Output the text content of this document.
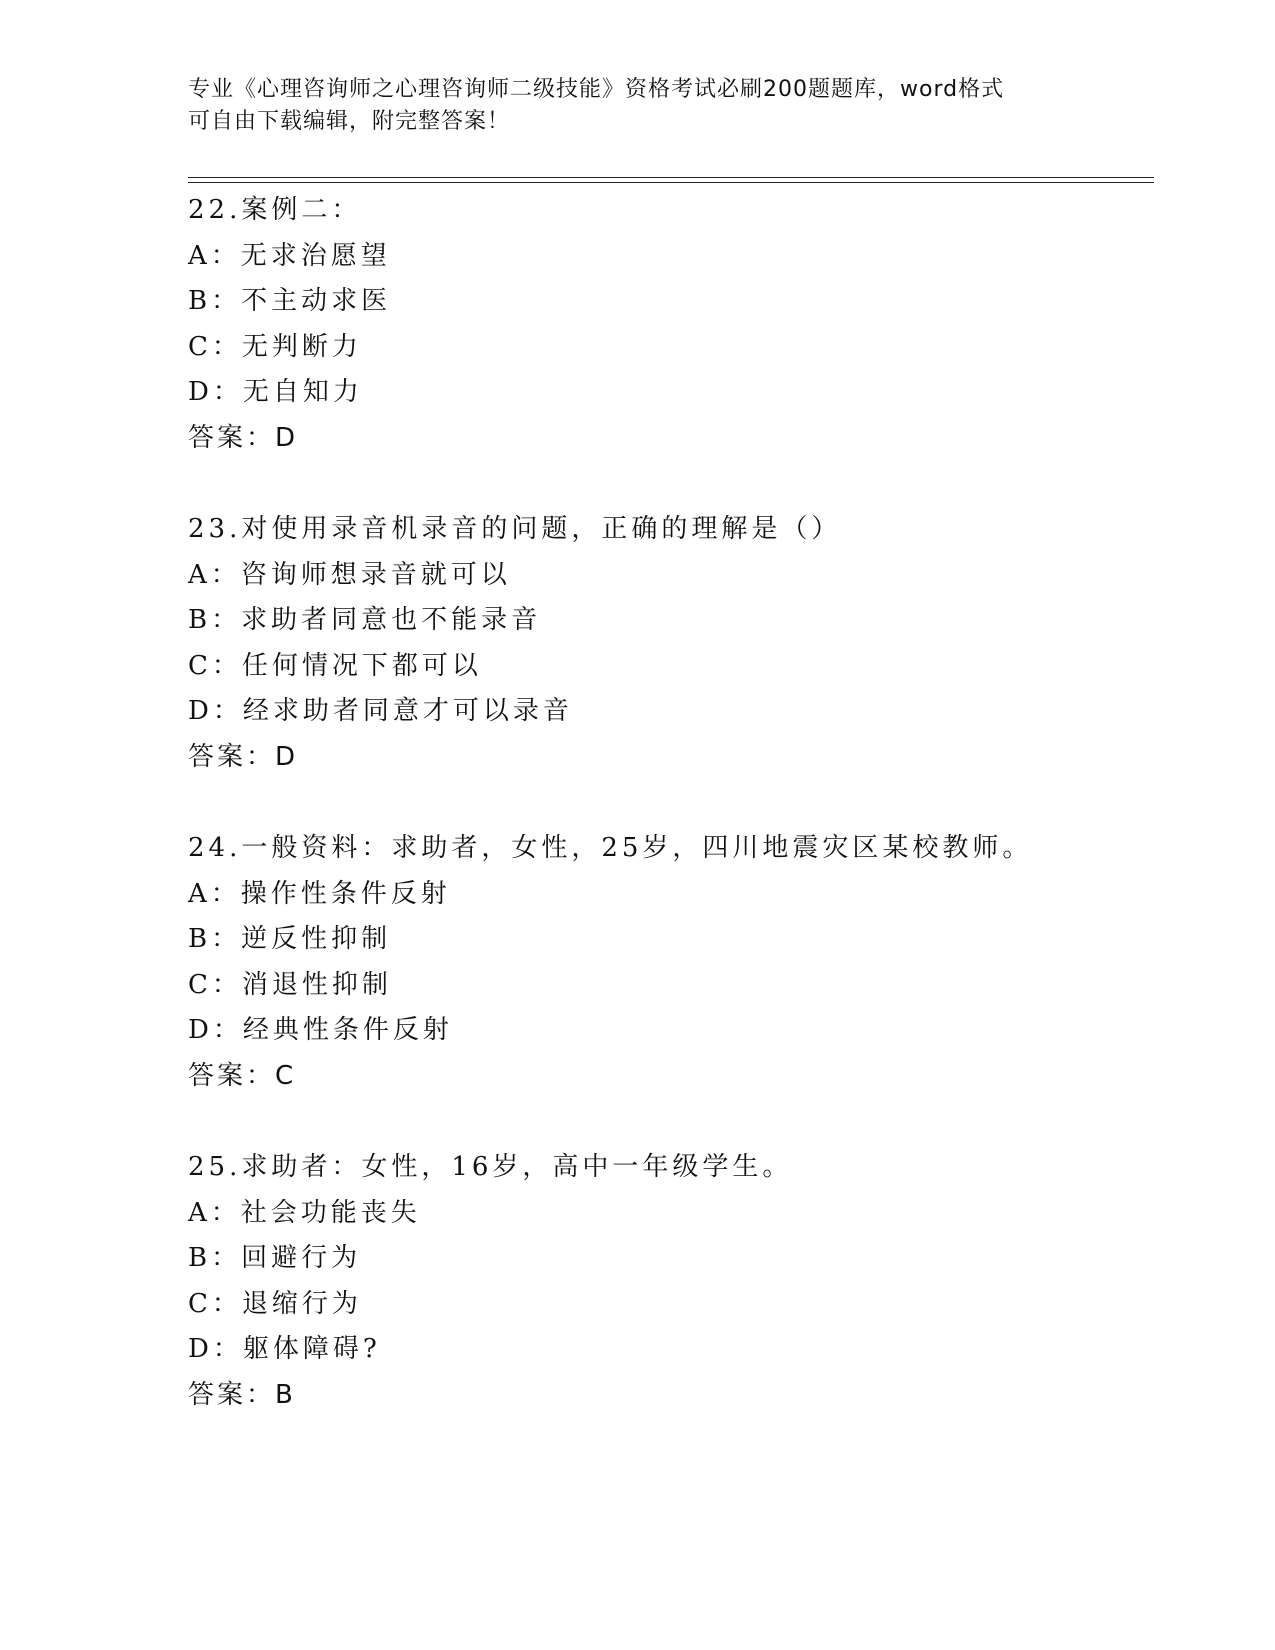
专业《心理咨询师之心理咨询师二级技能》资格考试必刷200题题库，word格式
可自由下载编辑，附完整答案！
22.案例二：
A：无求治愿望
B：不主动求医
C：无判断力
D：无自知力
答案：D
23.对使用录音机录音的问题，正确的理解是（）
A：咨询师想录音就可以
B：求助者同意也不能录音
C：任何情况下都可以
D：经求助者同意才可以录音
答案：D
24.一般资料：求助者，女性，25岁，四川地震灾区某校教师。
A：操作性条件反射
B：逆反性抑制
C：消退性抑制
D：经典性条件反射
答案：C
25.求助者：女性，16岁，高中一年级学生。
A：社会功能丧失
B：回避行为
C：退缩行为
D：躯体障碍?
答案：B
